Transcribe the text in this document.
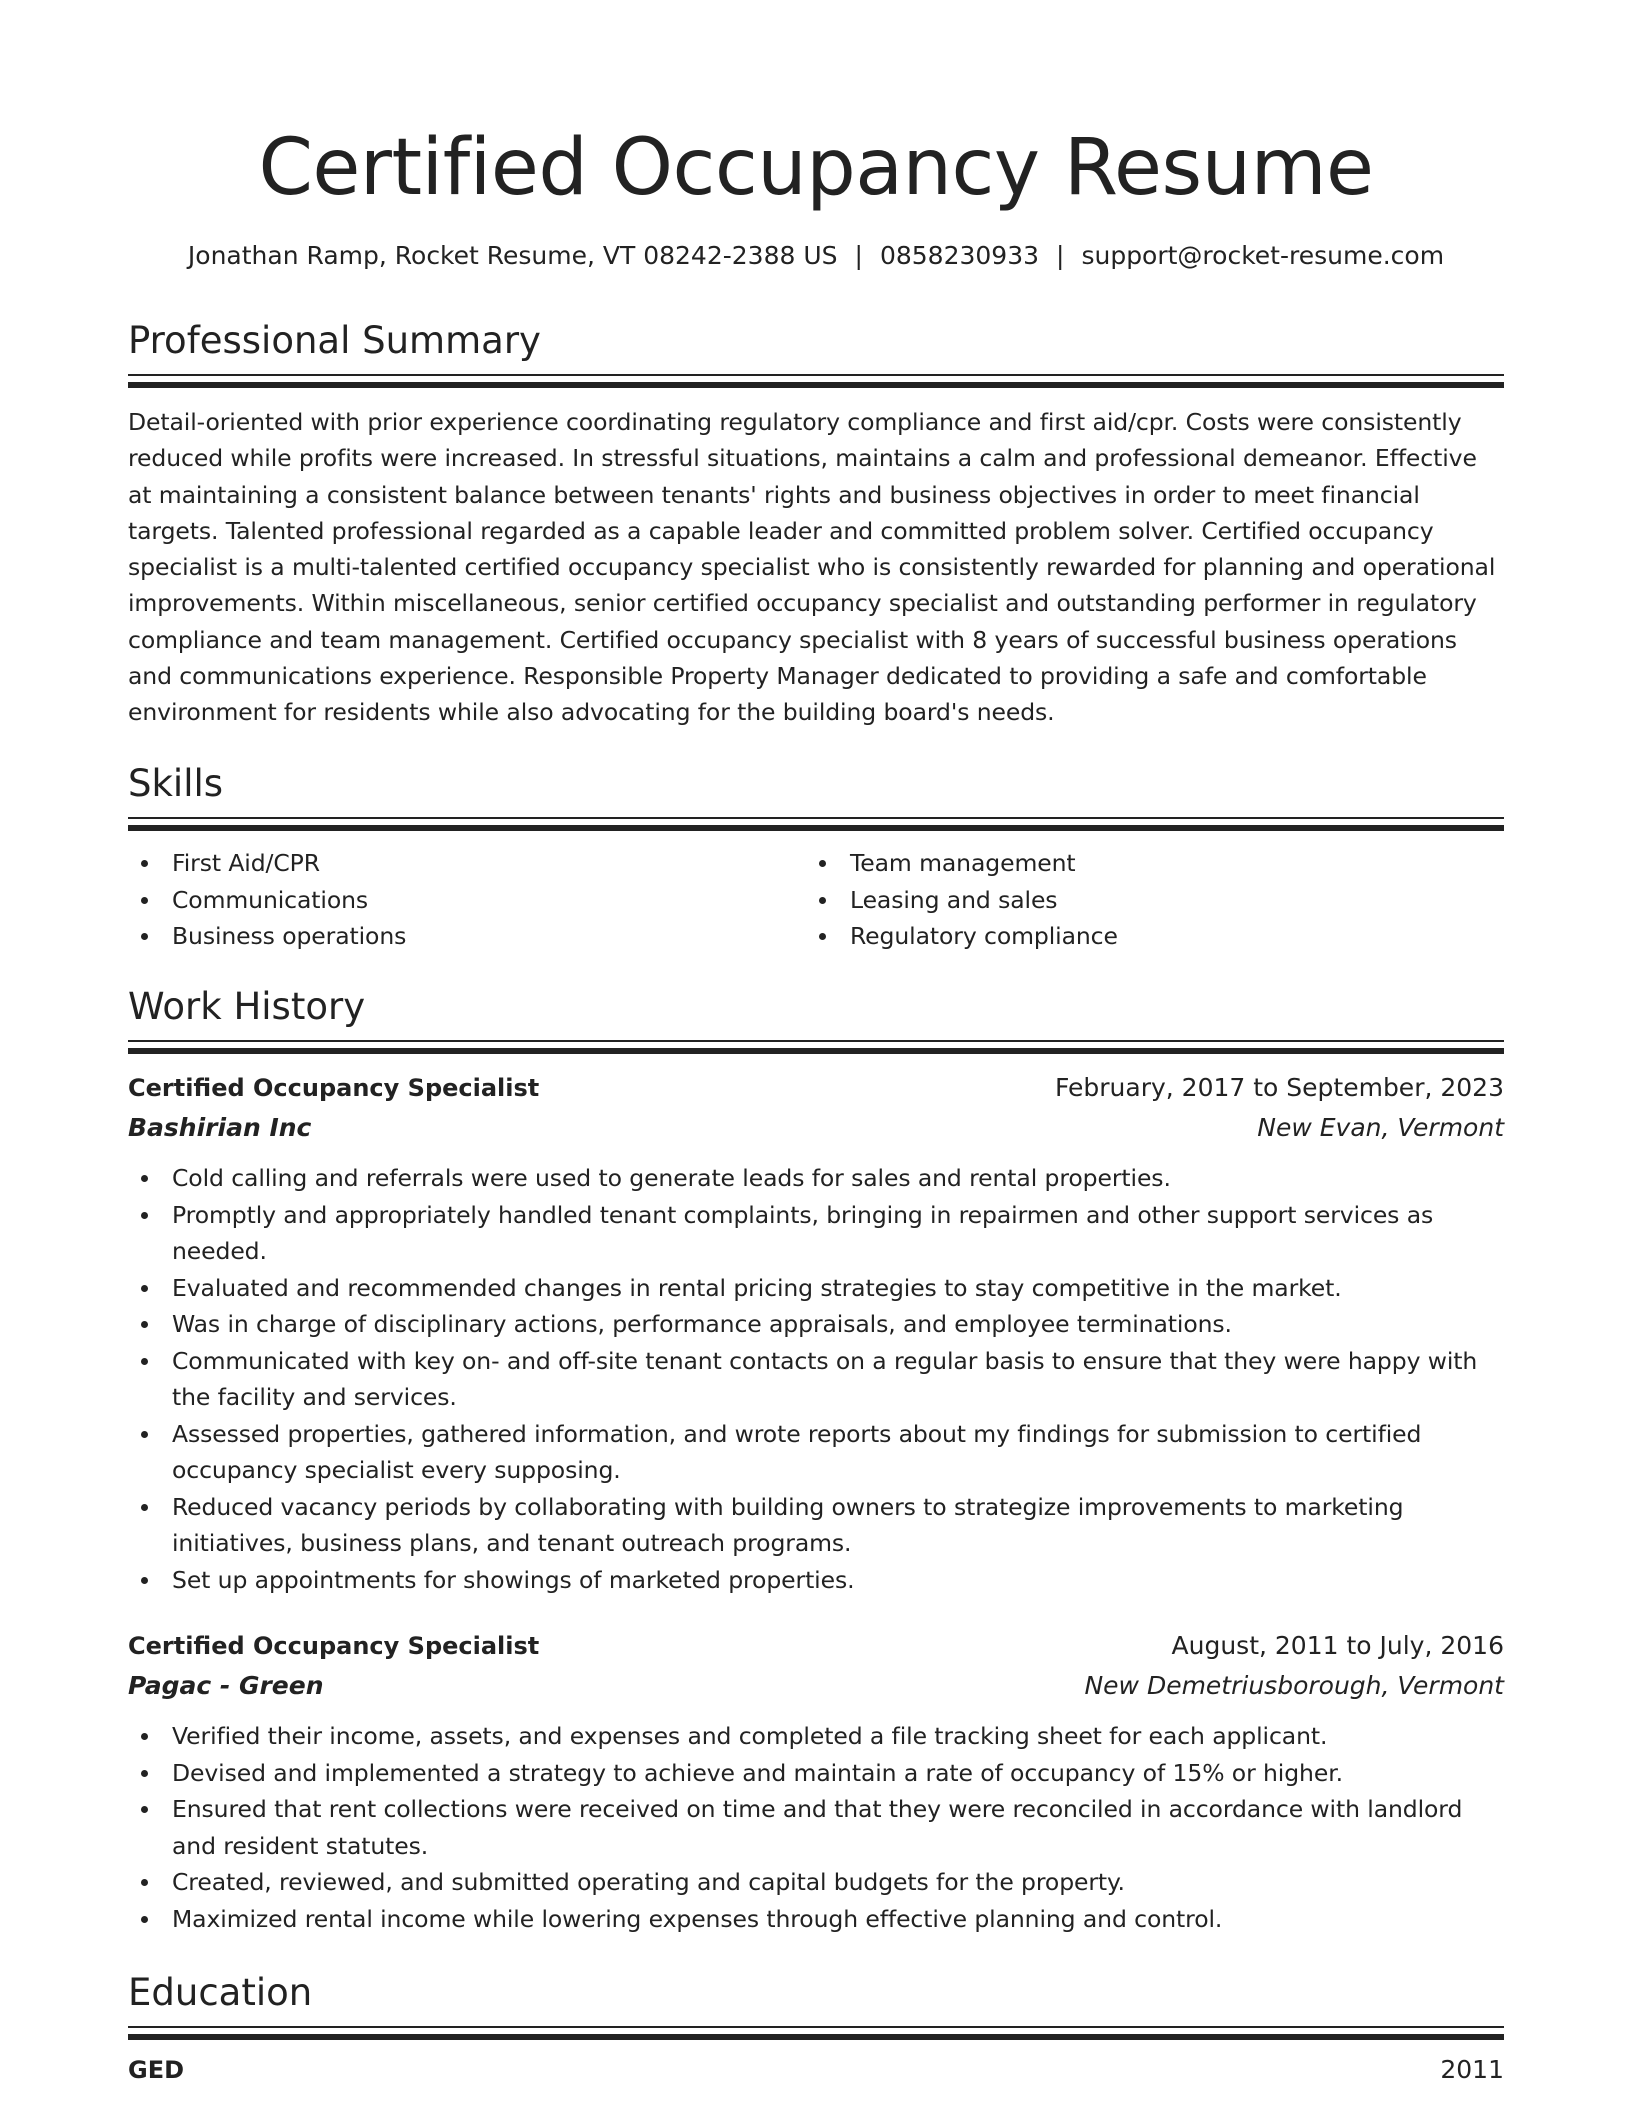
Certified Occupancy Resume
Jonathan Ramp, Rocket Resume, VT 08242-2388 US | 0858230933 | support@rocket-resume.com
Professional Summary

Detail-oriented with prior experience coordinating regulatory compliance and first aid/cpr. Costs were consistently reduced while profits were increased. In stressful situations, maintains a calm and professional demeanor. Effective at maintaining a consistent balance between tenants' rights and business objectives in order to meet financial targets. Talented professional regarded as a capable leader and committed problem solver. Certified occupancy specialist is a multi-talented certified occupancy specialist who is consistently rewarded for planning and operational improvements. Within miscellaneous, senior certified occupancy specialist and outstanding performer in regulatory compliance and team management. Certified occupancy specialist with 8 years of successful business operations and communications experience. Responsible Property Manager dedicated to providing a safe and comfortable environment for residents while also advocating for the building board's needs.

Skills
First Aid/CPR
Communications
Business operations
Team management
Leasing and sales
Regulatory compliance
Work History
Certified Occupancy Specialist	February, 2017 to September, 2023
Bashirian Inc	New Evan, Vermont
Cold calling and referrals were used to generate leads for sales and rental properties.
Promptly and appropriately handled tenant complaints, bringing in repairmen and other support services as needed.
Evaluated and recommended changes in rental pricing strategies to stay competitive in the market.
Was in charge of disciplinary actions, performance appraisals, and employee terminations.
Communicated with key on- and off-site tenant contacts on a regular basis to ensure that they were happy with the facility and services.
Assessed properties, gathered information, and wrote reports about my findings for submission to certified occupancy specialist every supposing.
Reduced vacancy periods by collaborating with building owners to strategize improvements to marketing initiatives, business plans, and tenant outreach programs.
Set up appointments for showings of marketed properties.
Certified Occupancy Specialist	August, 2011 to July, 2016
Pagac - Green	New Demetriusborough, Vermont
Verified their income, assets, and expenses and completed a file tracking sheet for each applicant.
Devised and implemented a strategy to achieve and maintain a rate of occupancy of 15% or higher.
Ensured that rent collections were received on time and that they were reconciled in accordance with landlord and resident statutes.
Created, reviewed, and submitted operating and capital budgets for the property.
Maximized rental income while lowering expenses through effective planning and control.
Education
GED	2011
